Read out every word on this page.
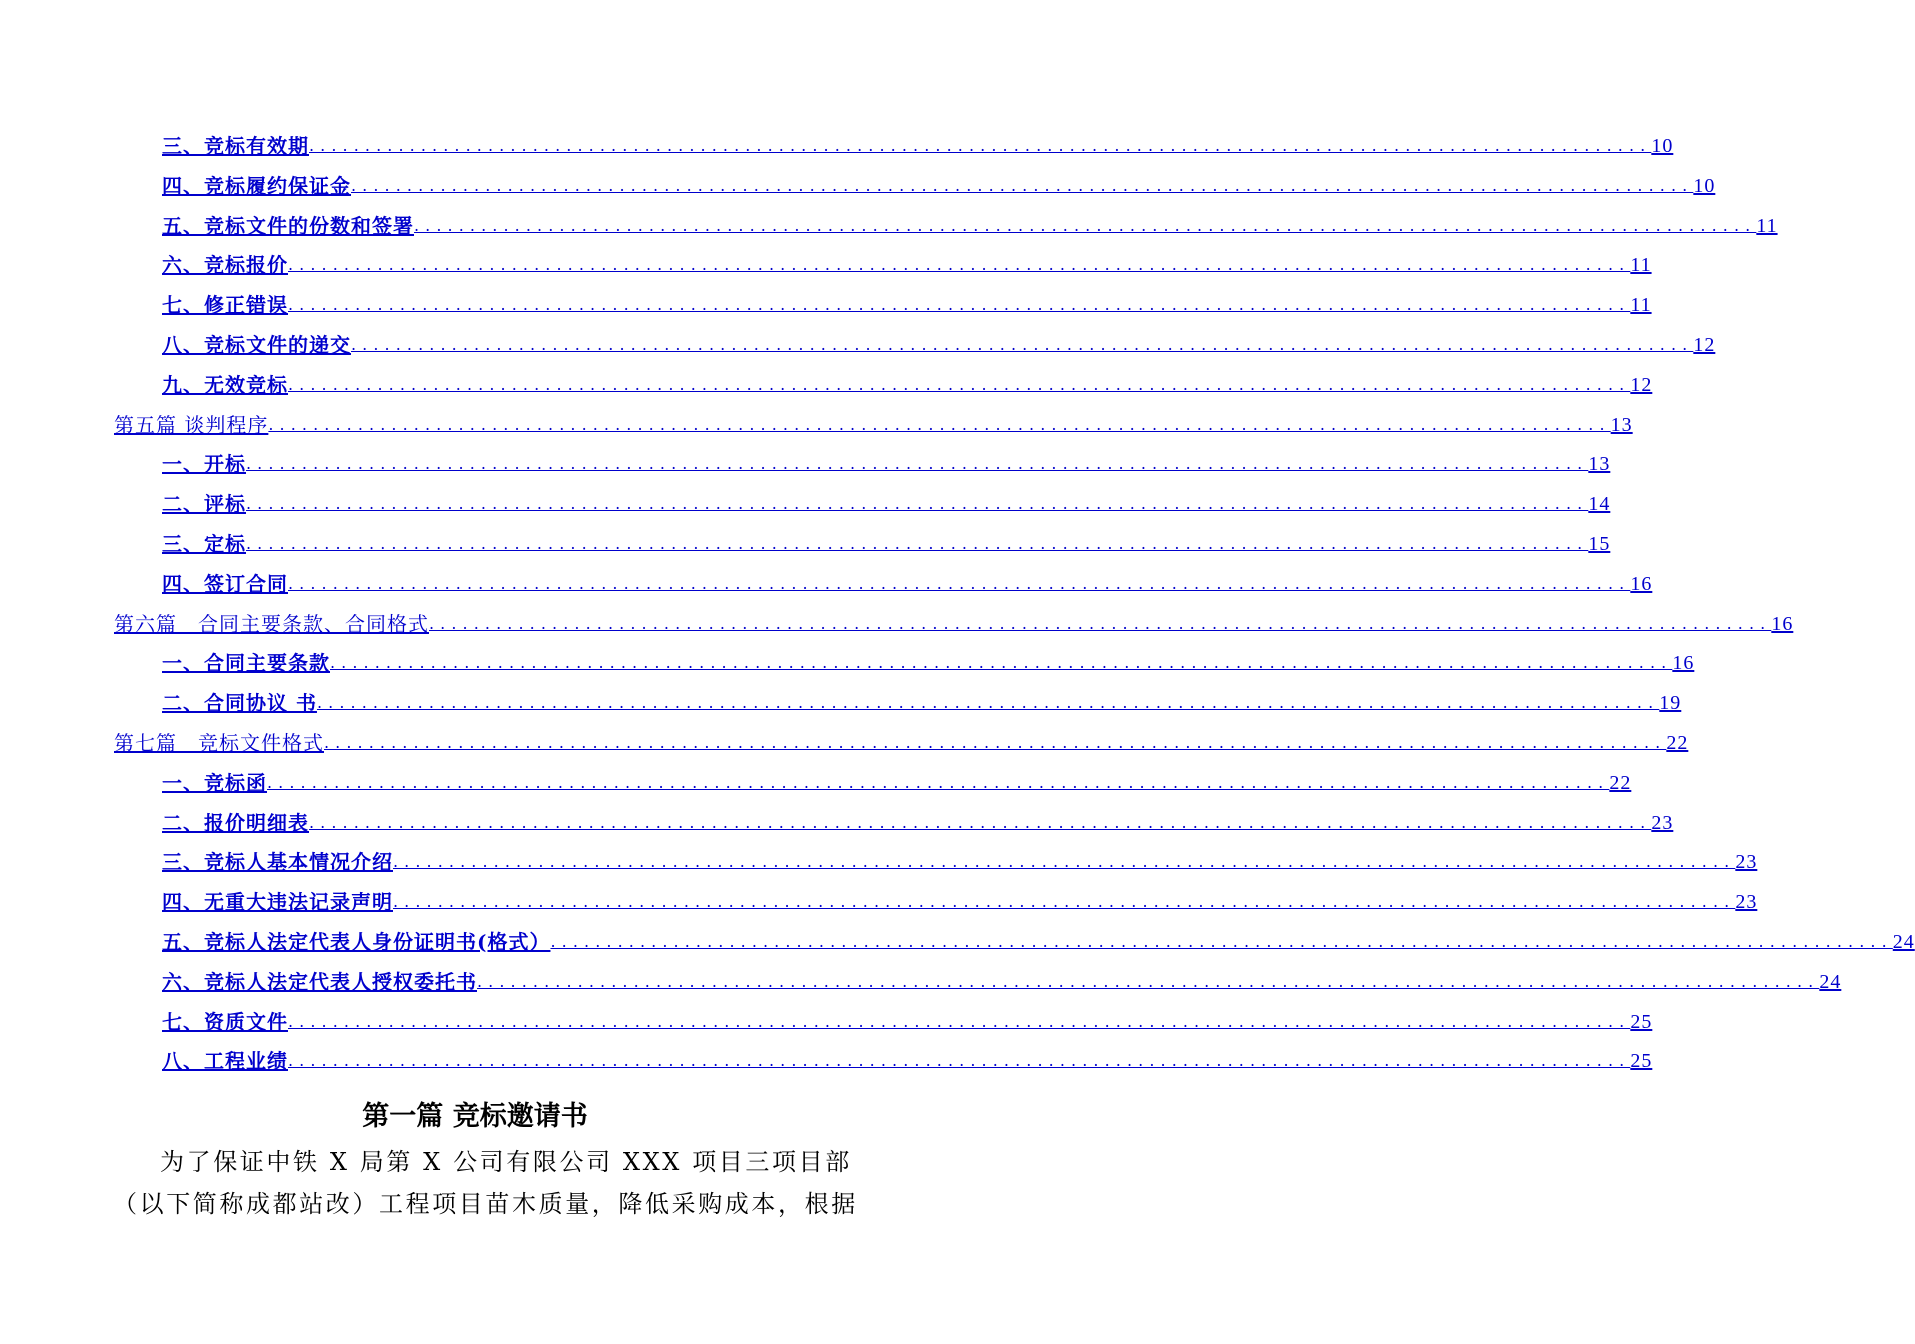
三、竞标有效期 ........................................................................................................................ 10
四、竞标履约保证金 ........................................................................................................................ 10
五、竞标文件的份数和签署 ........................................................................................................................ 11
六、竞标报价 ........................................................................................................................ 11
七、修正错误 ........................................................................................................................ 11
八、竞标文件的递交 ........................................................................................................................ 12
九、无效竞标 ........................................................................................................................ 12
第五篇 谈判程序 ........................................................................................................................ 13
一、开标 ........................................................................................................................ 13
二、评标 ........................................................................................................................ 14
三、定标 ........................................................................................................................ 15
四、签订合同 ........................................................................................................................ 16
第六篇　合同主要条款、合同格式 ........................................................................................................................ 16
一、合同主要条款 ........................................................................................................................ 16
二、合同协议 书 ........................................................................................................................ 19
第七篇　竞标文件格式 ........................................................................................................................ 22
一、竞标函 ........................................................................................................................ 22
二、报价明细表 ........................................................................................................................ 23
三、竞标人基本情况介绍 ........................................................................................................................ 23
四、无重大违法记录声明 ........................................................................................................................ 23
五、竞标人法定代表人身份证明书(格式） ........................................................................................................................ 24
六、竞标人法定代表人授权委托书 ........................................................................................................................ 24
七、资质文件 ........................................................................................................................ 25
八、工程业绩 ........................................................................................................................ 25
第一篇 竞标邀请书
为了保证中铁 X 局第 X 公司有限公司 XXX 项目三项目部
（以下简称成都站改）工程项目苗木质量，降低采购成本，根据
